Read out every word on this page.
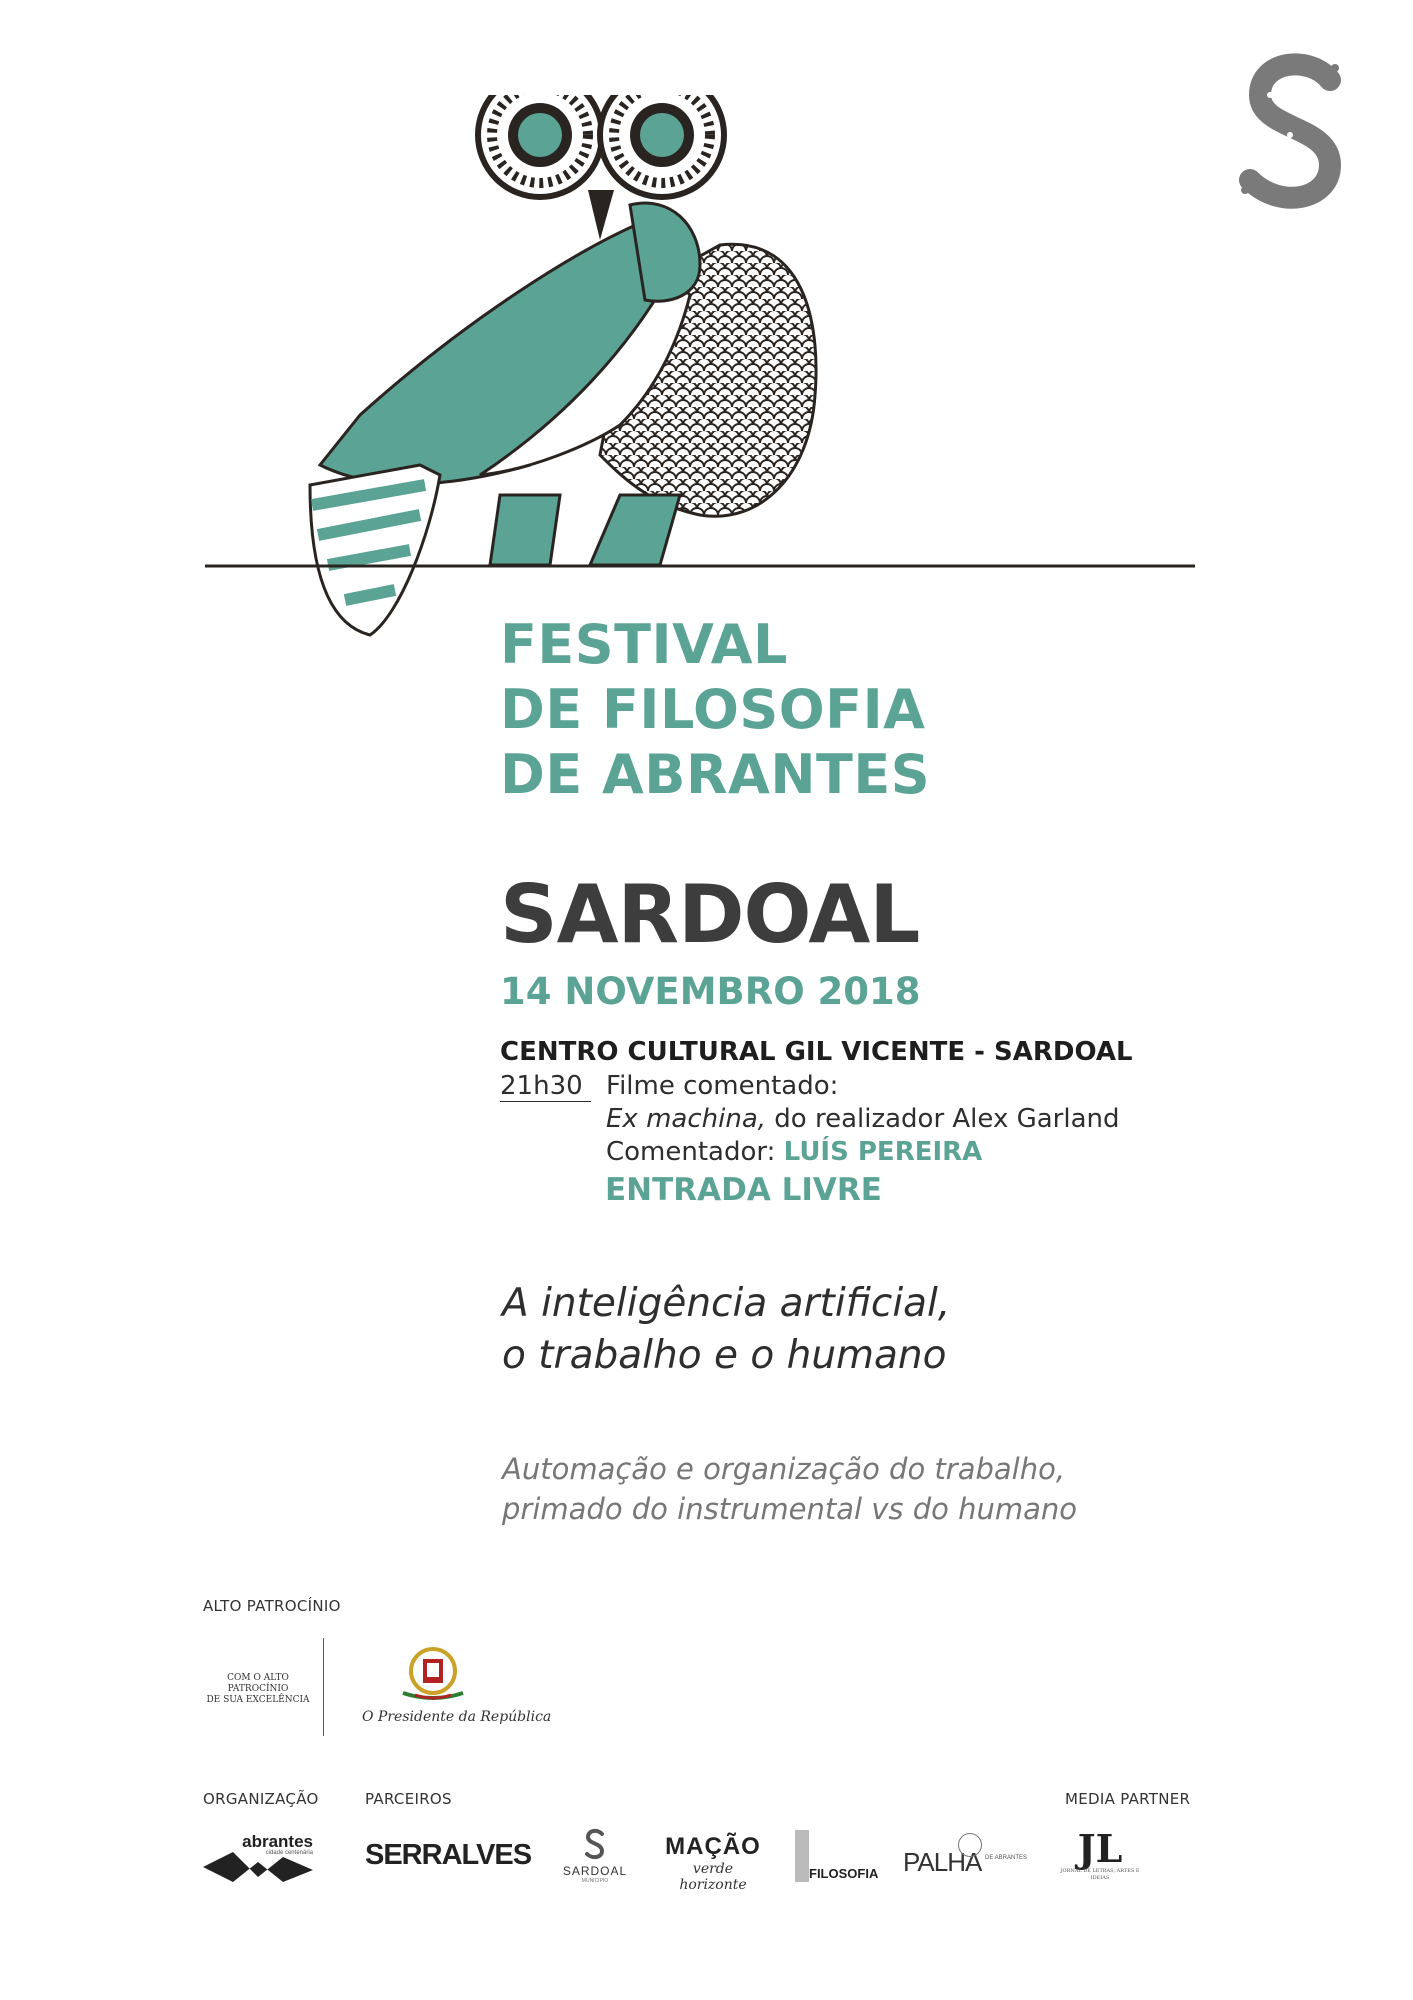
FESTIVAL
DE FILOSOFIA
DE ABRANTES
SARDOAL
14 NOVEMBRO 2018
CENTRO CULTURAL GIL VICENTE - SARDOAL
21h30 Filme comentado:
Ex machina, do realizador Alex Garland
Comentador: LUÍS PEREIRA
ENTRADA LIVRE
A inteligência artificial,
o trabalho e o humano
Automação e organização do trabalho,
primado do instrumental vs do humano
ALTO PATROCÍNIO
COM O ALTO PATROCÍNIO
DE SUA EXCELÊNCIA
O Presidente da República
ORGANIZAÇÃO	PARCEIROS	MEDIA PARTNER
abrantes
cidade centenária SERRALVES	SARDOAL
MUNICÍPIO
MAÇÃO
verde horizonte
FILOSOFIA PALHA DE ABRANTES	JL
JORNAL DE LETRAS, ARTES E IDEIAS
